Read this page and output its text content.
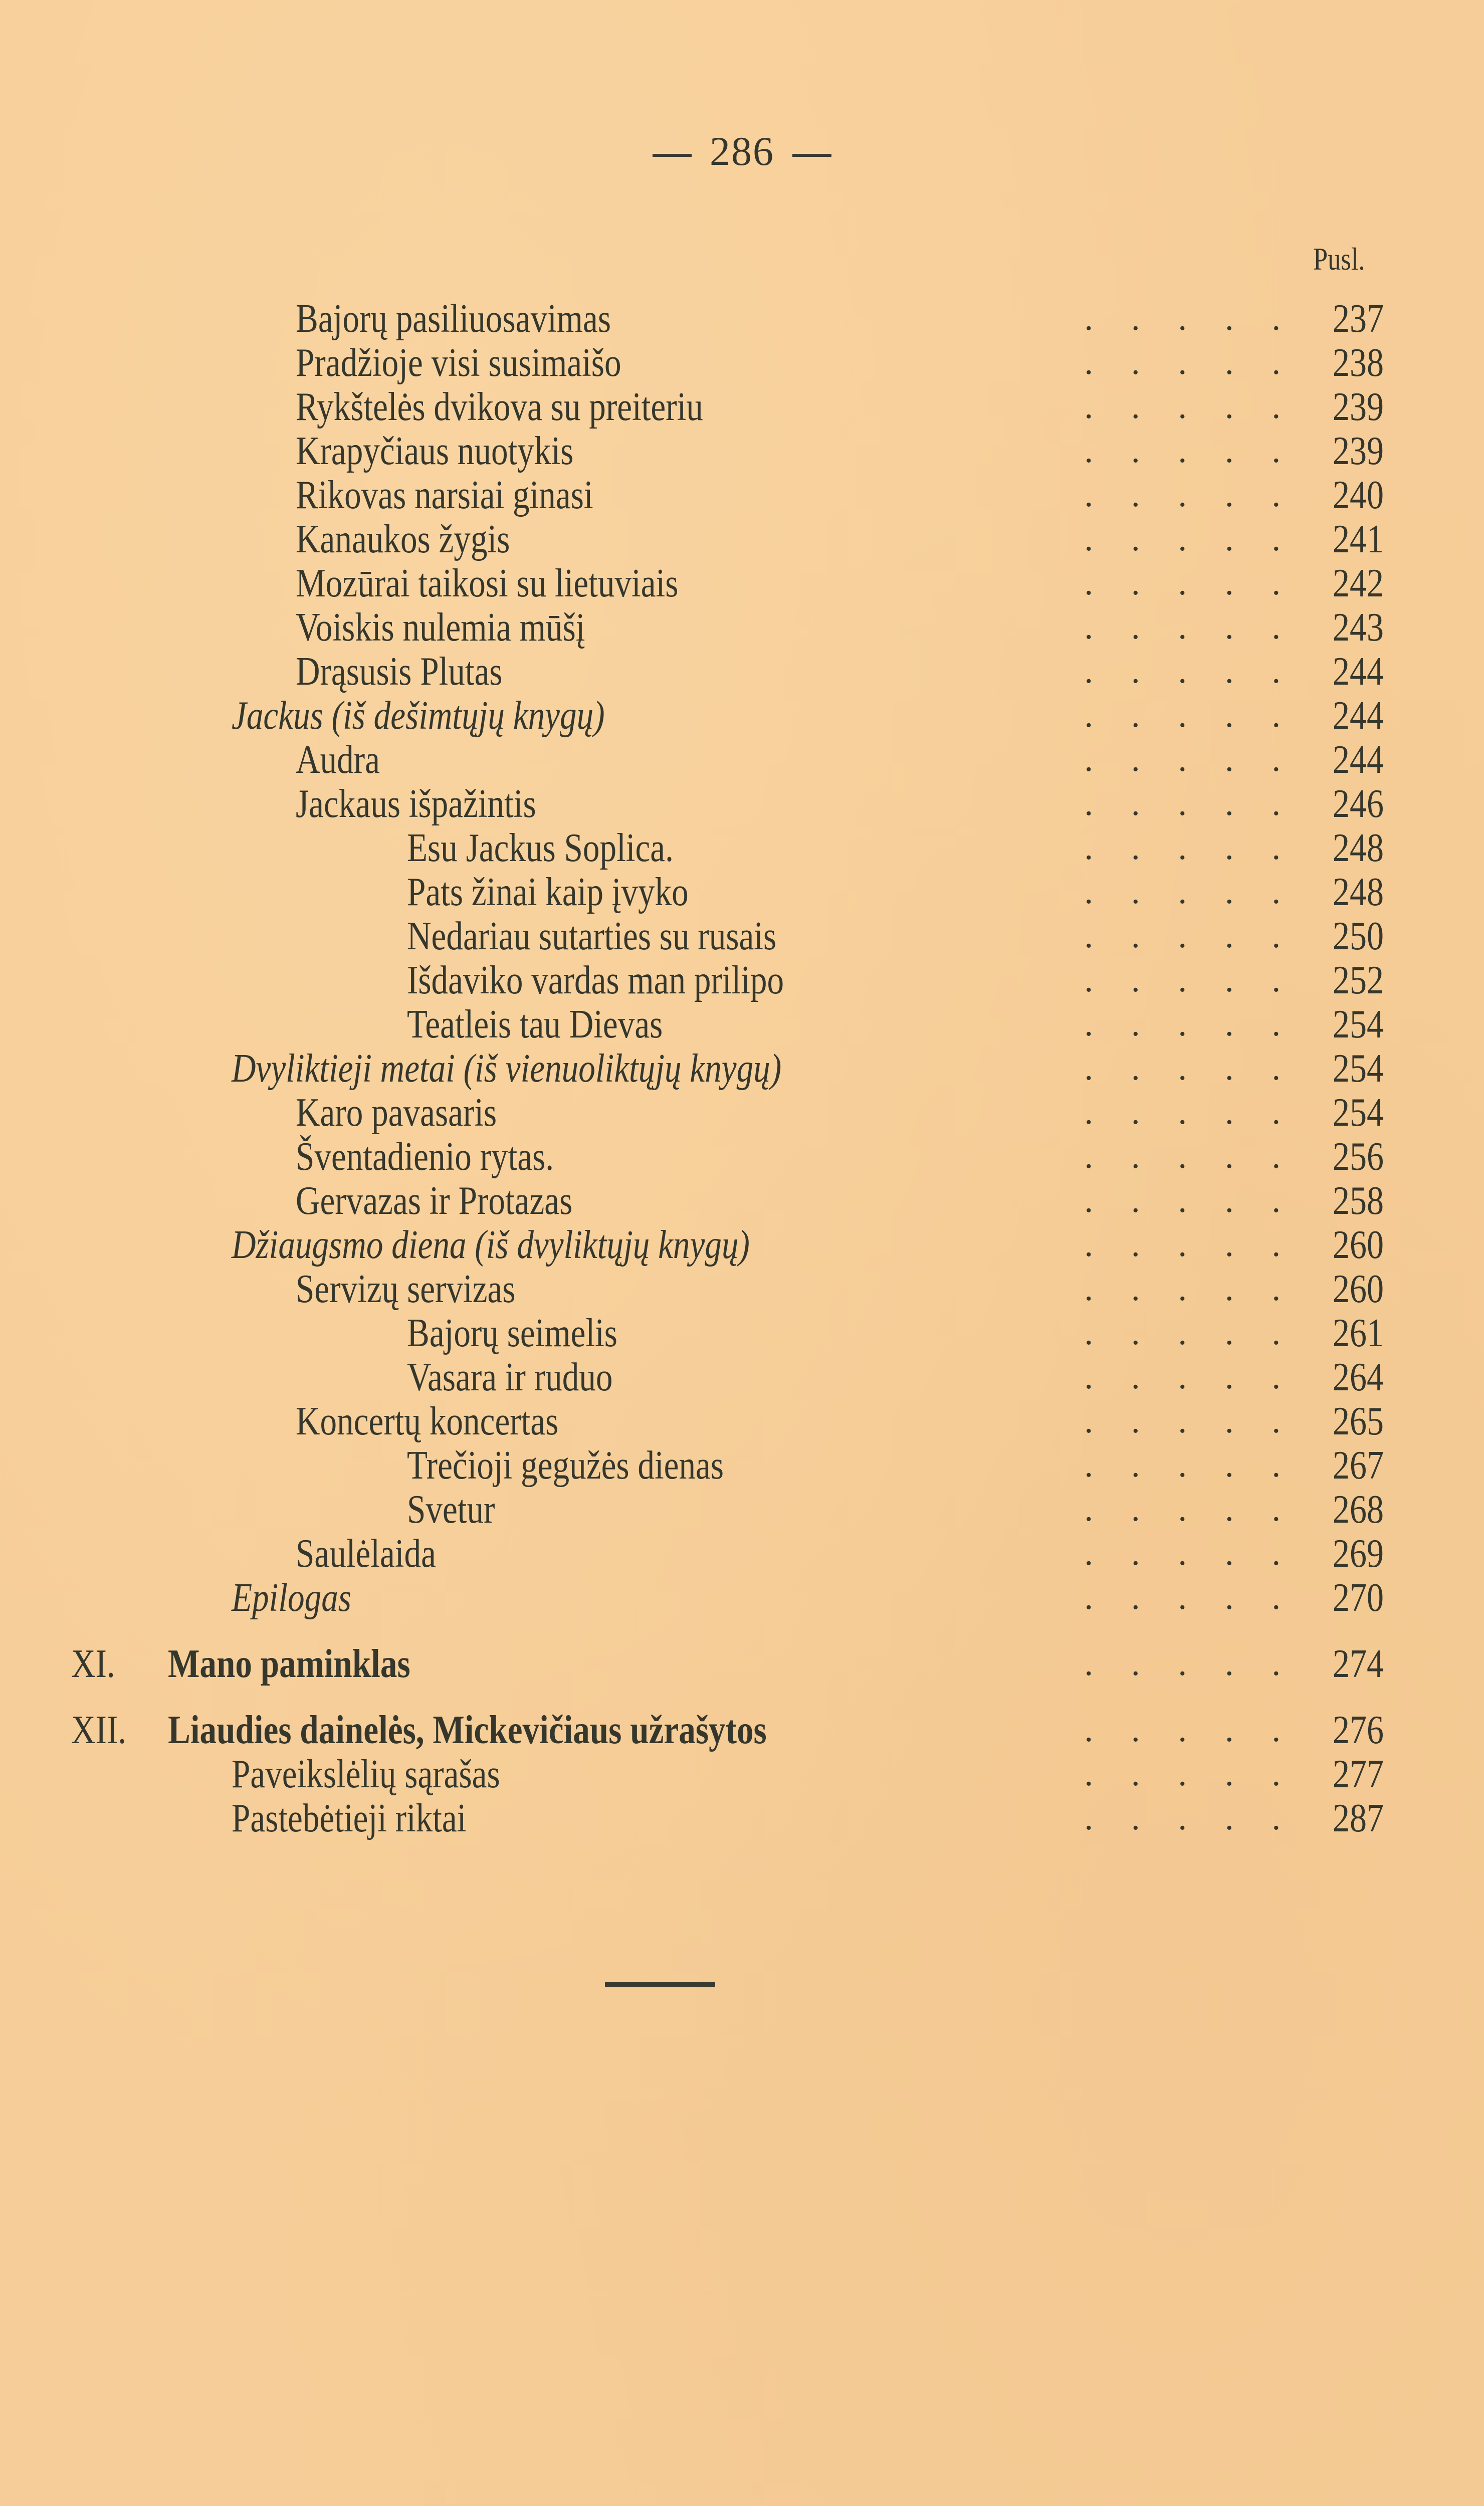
286
Pusl.
Bajorų pasiliuosavimas	..... 237
Pradžioje visi susimaišo	..... 238
Rykštelės dvikova su preiteriu	..... 239
Krapyčiaus nuotykis	..... 239
Rikovas narsiai ginasi	..... 240
Kanaukos žygis	..... 241
Mozūrai taikosi su lietuviais	..... 242
Voiskis nulemia mūšį	..... 243
Drąsusis Plutas	..... 244
Jackus (iš dešimtųjų knygų)	..... 244
Audra	..... 244
Jackaus išpažintis	..... 246
Esu Jackus Soplica.	..... 248
Pats žinai kaip įvyko	..... 248
Nedariau sutarties su rusais	..... 250
Išdaviko vardas man prilipo	..... 252
Teatleis tau Dievas	..... 254
Dvyliktieji metai (iš vienuoliktųjų knygų)	..... 254
Karo pavasaris	..... 254
Šventadienio rytas.	..... 256
Gervazas ir Protazas	..... 258
Džiaugsmo diena (iš dvyliktųjų knygų)	..... 260
Servizų servizas	..... 260
Bajorų seimelis	..... 261
Vasara ir ruduo	..... 264
Koncertų koncertas	..... 265
Trečioji gegužės dienas	..... 267
Svetur	..... 268
Saulėlaida	..... 269
Epilogas	..... 270
XI. Mano paminklas	..... 274
XII. Liaudies dainelės, Mickevičiaus užrašytos	..... 276
Paveikslėlių sąrašas	..... 277
Pastebėtieji riktai	..... 287
